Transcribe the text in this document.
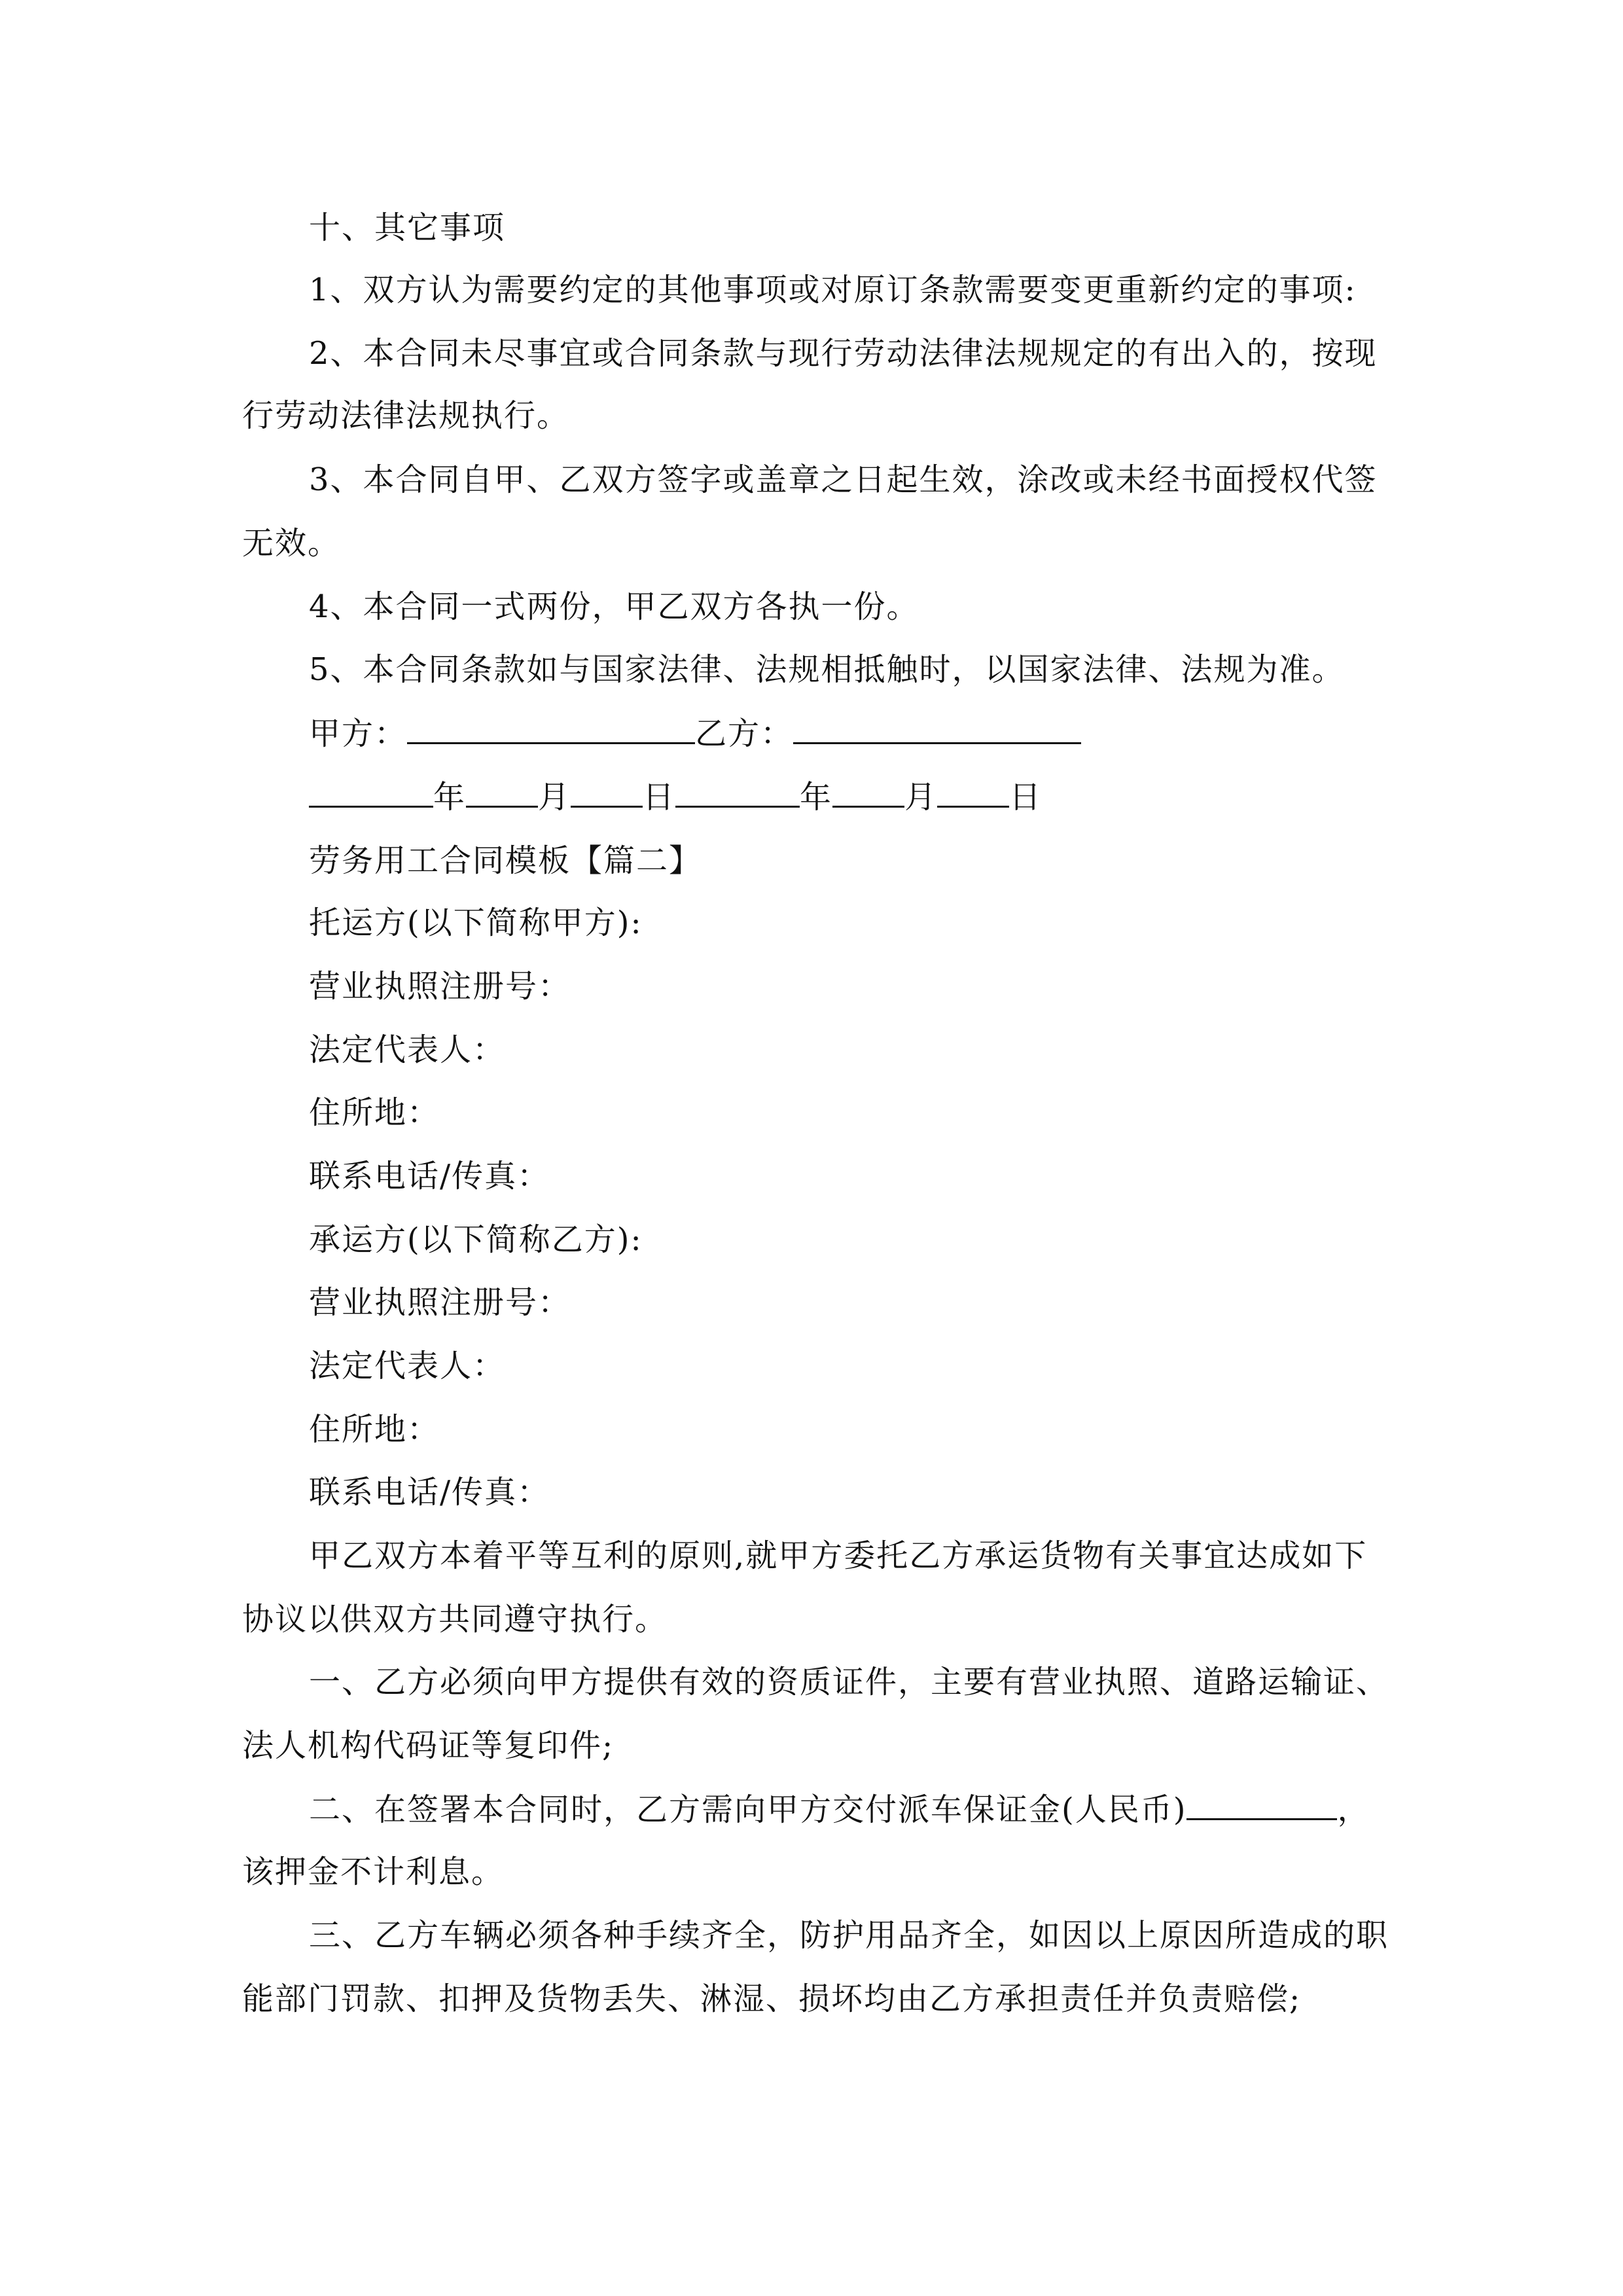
十、其它事项
1、双方认为需要约定的其他事项或对原订条款需要变更重新约定的事项:
2、本合同未尽事宜或合同条款与现行劳动法律法规规定的有出入的，按现
行劳动法律法规执行。
3、本合同自甲、乙双方签字或盖章之日起生效，涂改或未经书面授权代签
无效。
4、本合同一式两份，甲乙双方各执一份。
5、本合同条款如与国家法律、法规相抵触时，以国家法律、法规为准。
甲方：	乙方：
年 月 日	年 月 日
劳务用工合同模板【篇二】
托运方(以下简称甲方):
营业执照注册号：
法定代表人：
住所地：
联系电话/传真：
承运方(以下简称乙方):
营业执照注册号：
法定代表人：
住所地：
联系电话/传真：
甲乙双方本着平等互利的原则,就甲方委托乙方承运货物有关事宜达成如下
协议以供双方共同遵守执行。
一、乙方必须向甲方提供有效的资质证件，主要有营业执照、道路运输证、
法人机构代码证等复印件;
二、在签署本合同时，乙方需向甲方交付派车保证金(人民币)	，
该押金不计利息。
三、乙方车辆必须各种手续齐全，防护用品齐全，如因以上原因所造成的职
能部门罚款、扣押及货物丢失、淋湿、损坏均由乙方承担责任并负责赔偿;
